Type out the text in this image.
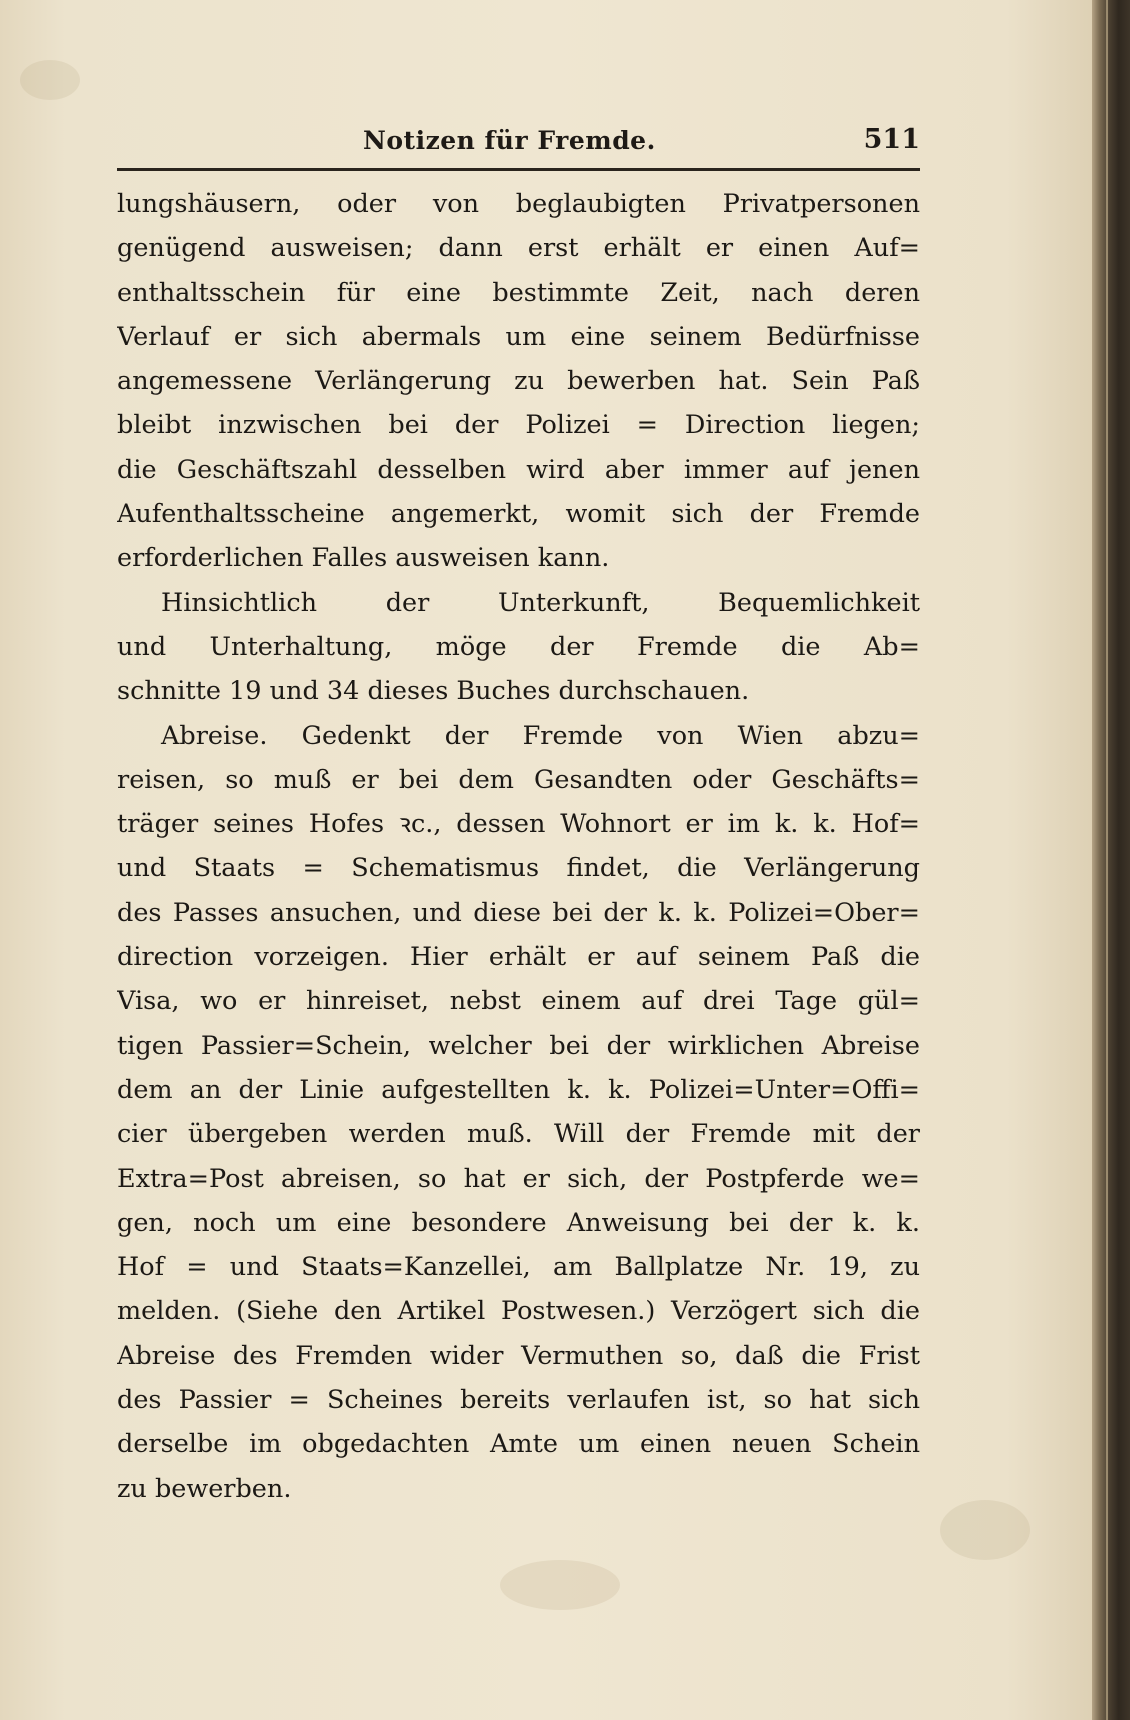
Notizen für Fremde.	511
lungshäusern, oder von beglaubigten Privatpersonen
genügend ausweisen; dann erst erhält er einen Auf=
enthaltsschein für eine bestimmte Zeit, nach deren
Verlauf er sich abermals um eine seinem Bedürfnisse
angemessene Verlängerung zu bewerben hat. Sein Paß
bleibt inzwischen bei der Polizei = Direction liegen;
die Geschäftszahl desselben wird aber immer auf jenen
Aufenthaltsscheine angemerkt, womit sich der Fremde
erforderlichen Falles ausweisen kann.
Hinsichtlich der Unterkunft, Bequemlichkeit
und Unterhaltung, möge der Fremde die Ab=
schnitte 19 und 34 dieses Buches durchschauen.
Abreise. Gedenkt der Fremde von Wien abzu=
reisen, so muß er bei dem Gesandten oder Geschäfts=
träger seines Hofes ꝛc., dessen Wohnort er im k. k. Hof=
und Staats = Schematismus findet, die Verlängerung
des Passes ansuchen, und diese bei der k. k. Polizei=Ober=
direction vorzeigen. Hier erhält er auf seinem Paß die
Visa, wo er hinreiset, nebst einem auf drei Tage gül=
tigen Passier=Schein, welcher bei der wirklichen Abreise
dem an der Linie aufgestellten k. k. Polizei=Unter=Offi=
cier übergeben werden muß. Will der Fremde mit der
Extra=Post abreisen, so hat er sich, der Postpferde we=
gen, noch um eine besondere Anweisung bei der k. k.
Hof = und Staats=Kanzellei, am Ballplatze Nr. 19, zu
melden. (Siehe den Artikel Postwesen.) Verzögert sich die
Abreise des Fremden wider Vermuthen so, daß die Frist
des Passier = Scheines bereits verlaufen ist, so hat sich
derselbe im obgedachten Amte um einen neuen Schein
zu bewerben.
